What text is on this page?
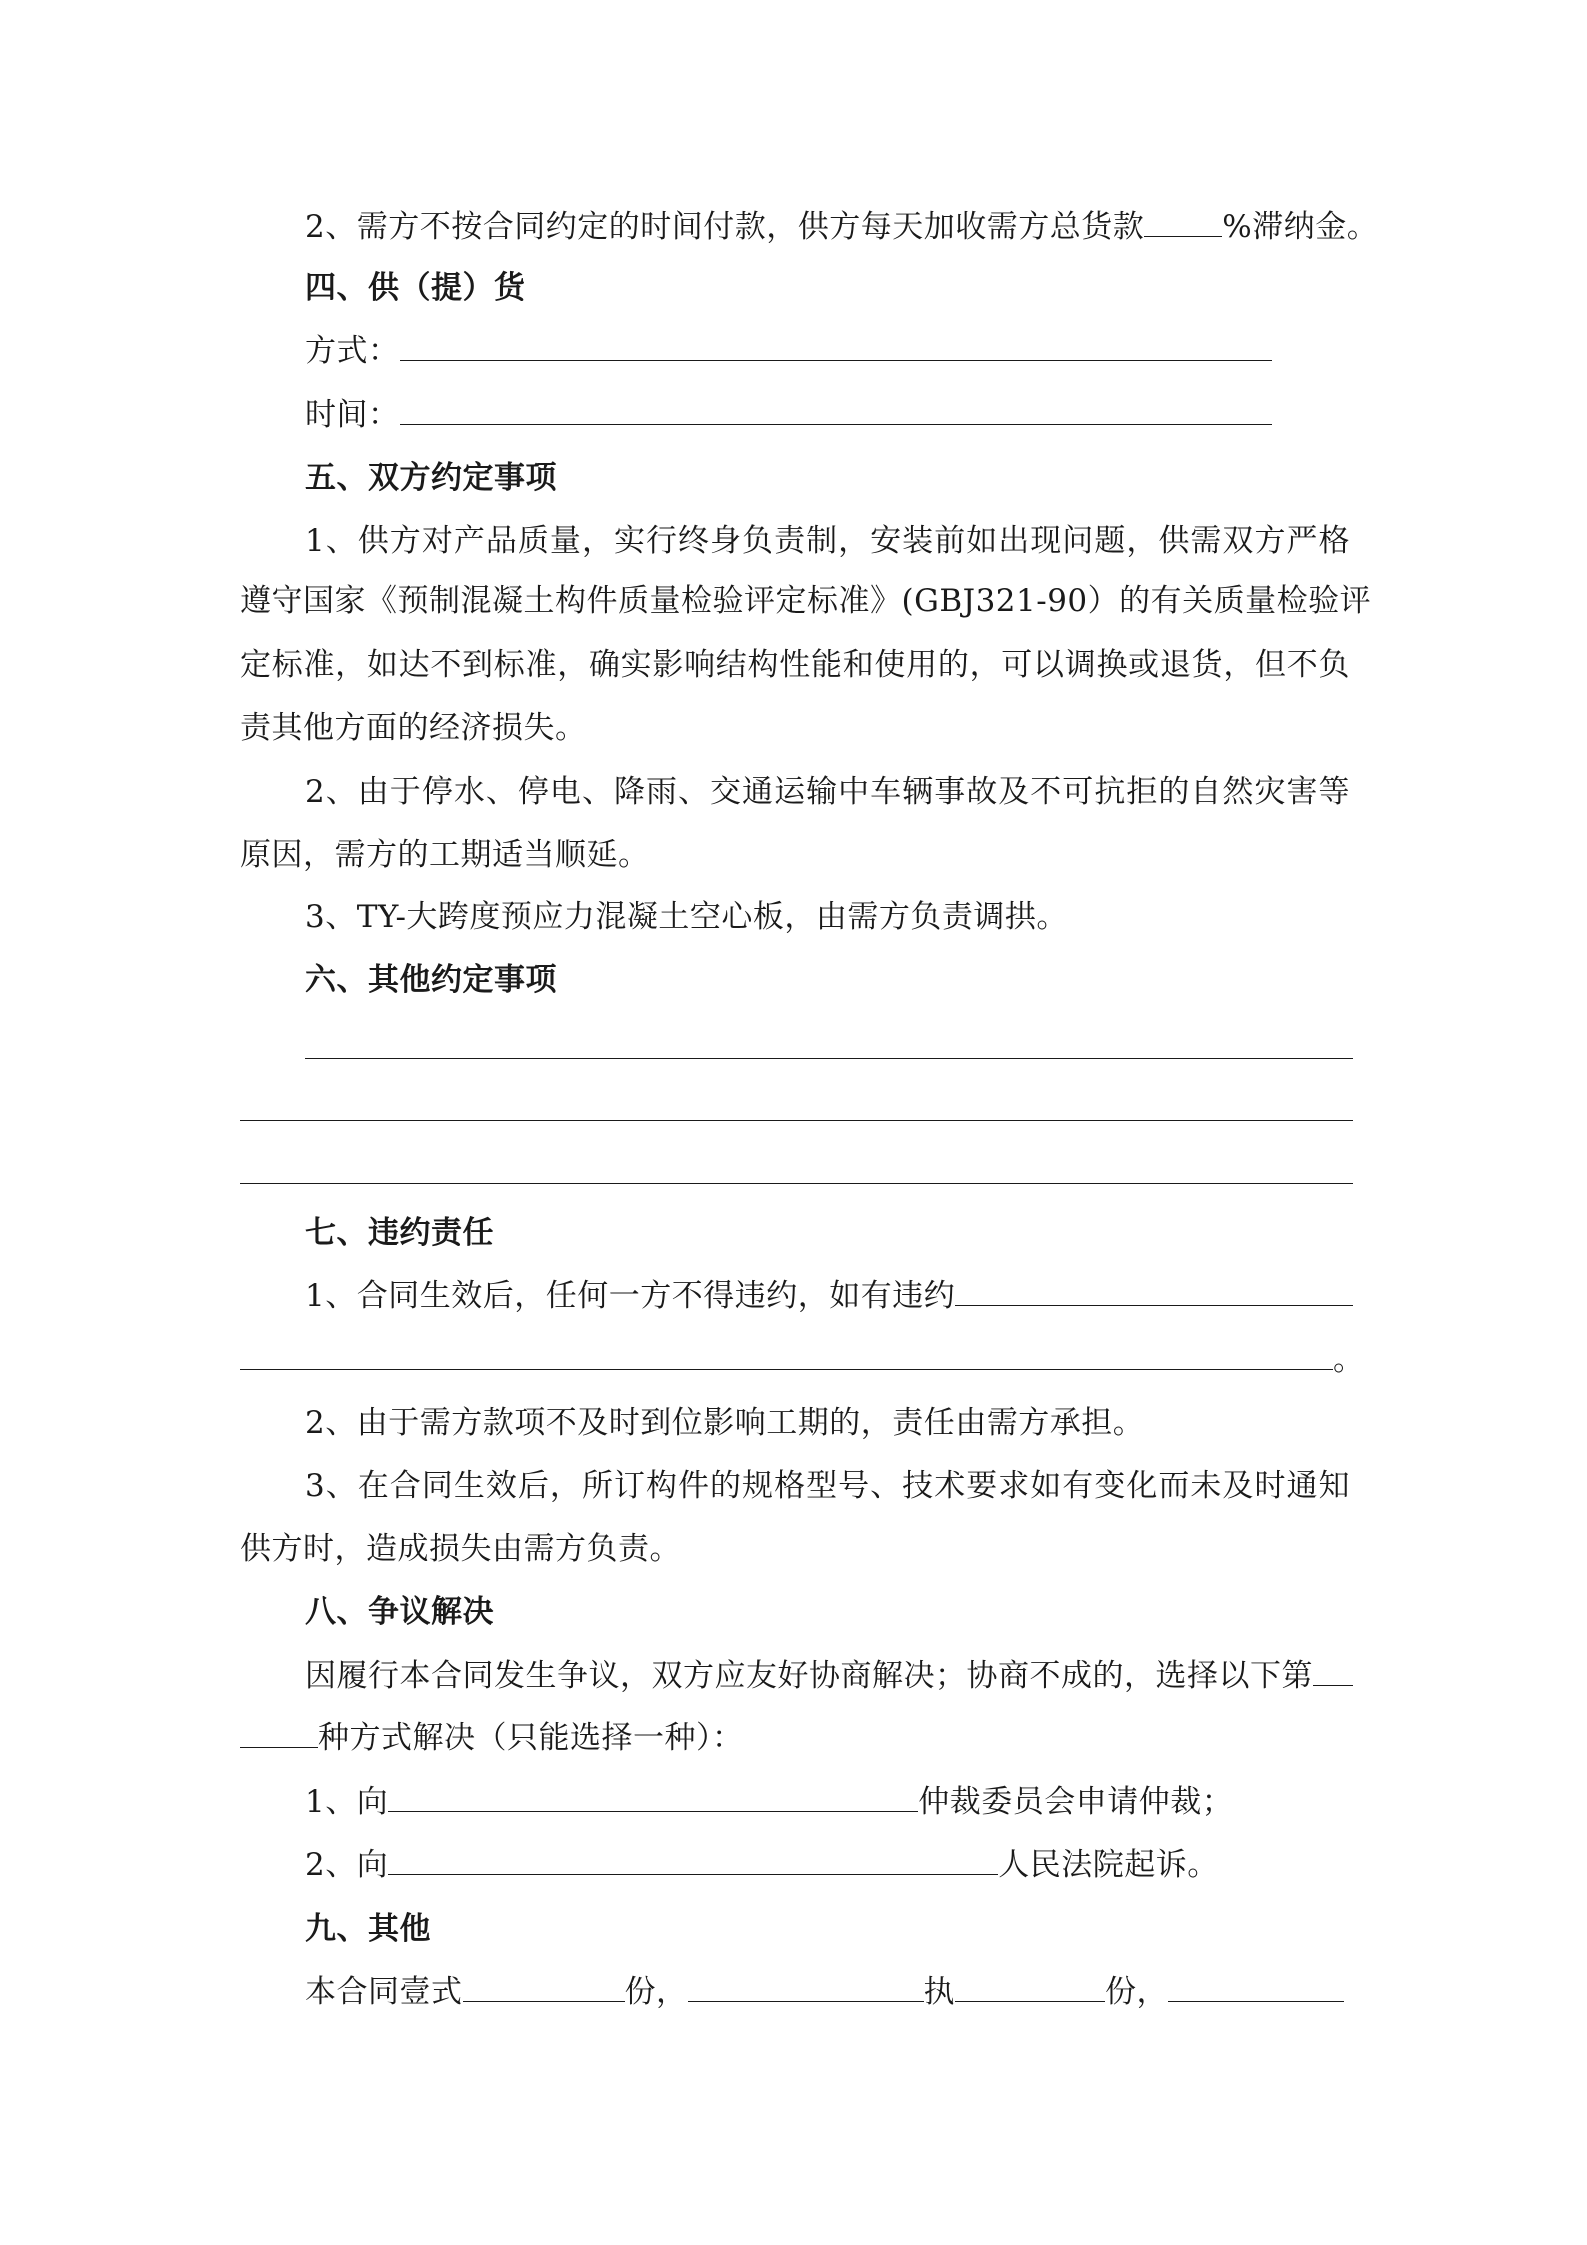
2、需方不按合同约定的时间付款，供方每天加收需方总货款	%滞纳金。
四、供（提）货
方式：
时间：
五、双方约定事项
1、供方对产品质量，实行终身负责制，安装前如出现问题，供需双方严格
遵守国家《预制混凝土构件质量检验评定标准》(GBJ321-90）的有关质量检验评
定标准，如达不到标准，确实影响结构性能和使用的，可以调换或退货，但不负
责其他方面的经济损失。
2、由于停水、停电、降雨、交通运输中车辆事故及不可抗拒的自然灾害等
原因，需方的工期适当顺延。
3、TY-大跨度预应力混凝土空心板，由需方负责调拱。
六、其他约定事项
七、违约责任
1、合同生效后，任何一方不得违约，如有违约
。
2、由于需方款项不及时到位影响工期的，责任由需方承担。
3、在合同生效后，所订构件的规格型号、技术要求如有变化而未及时通知
供方时，造成损失由需方负责。
八、争议解决
因履行本合同发生争议，双方应友好协商解决；协商不成的，选择以下第
种方式解决（只能选择一种）：
1、向	仲裁委员会申请仲裁；
2、向	人民法院起诉。
九、其他
本合同壹式	份，	执	份，
